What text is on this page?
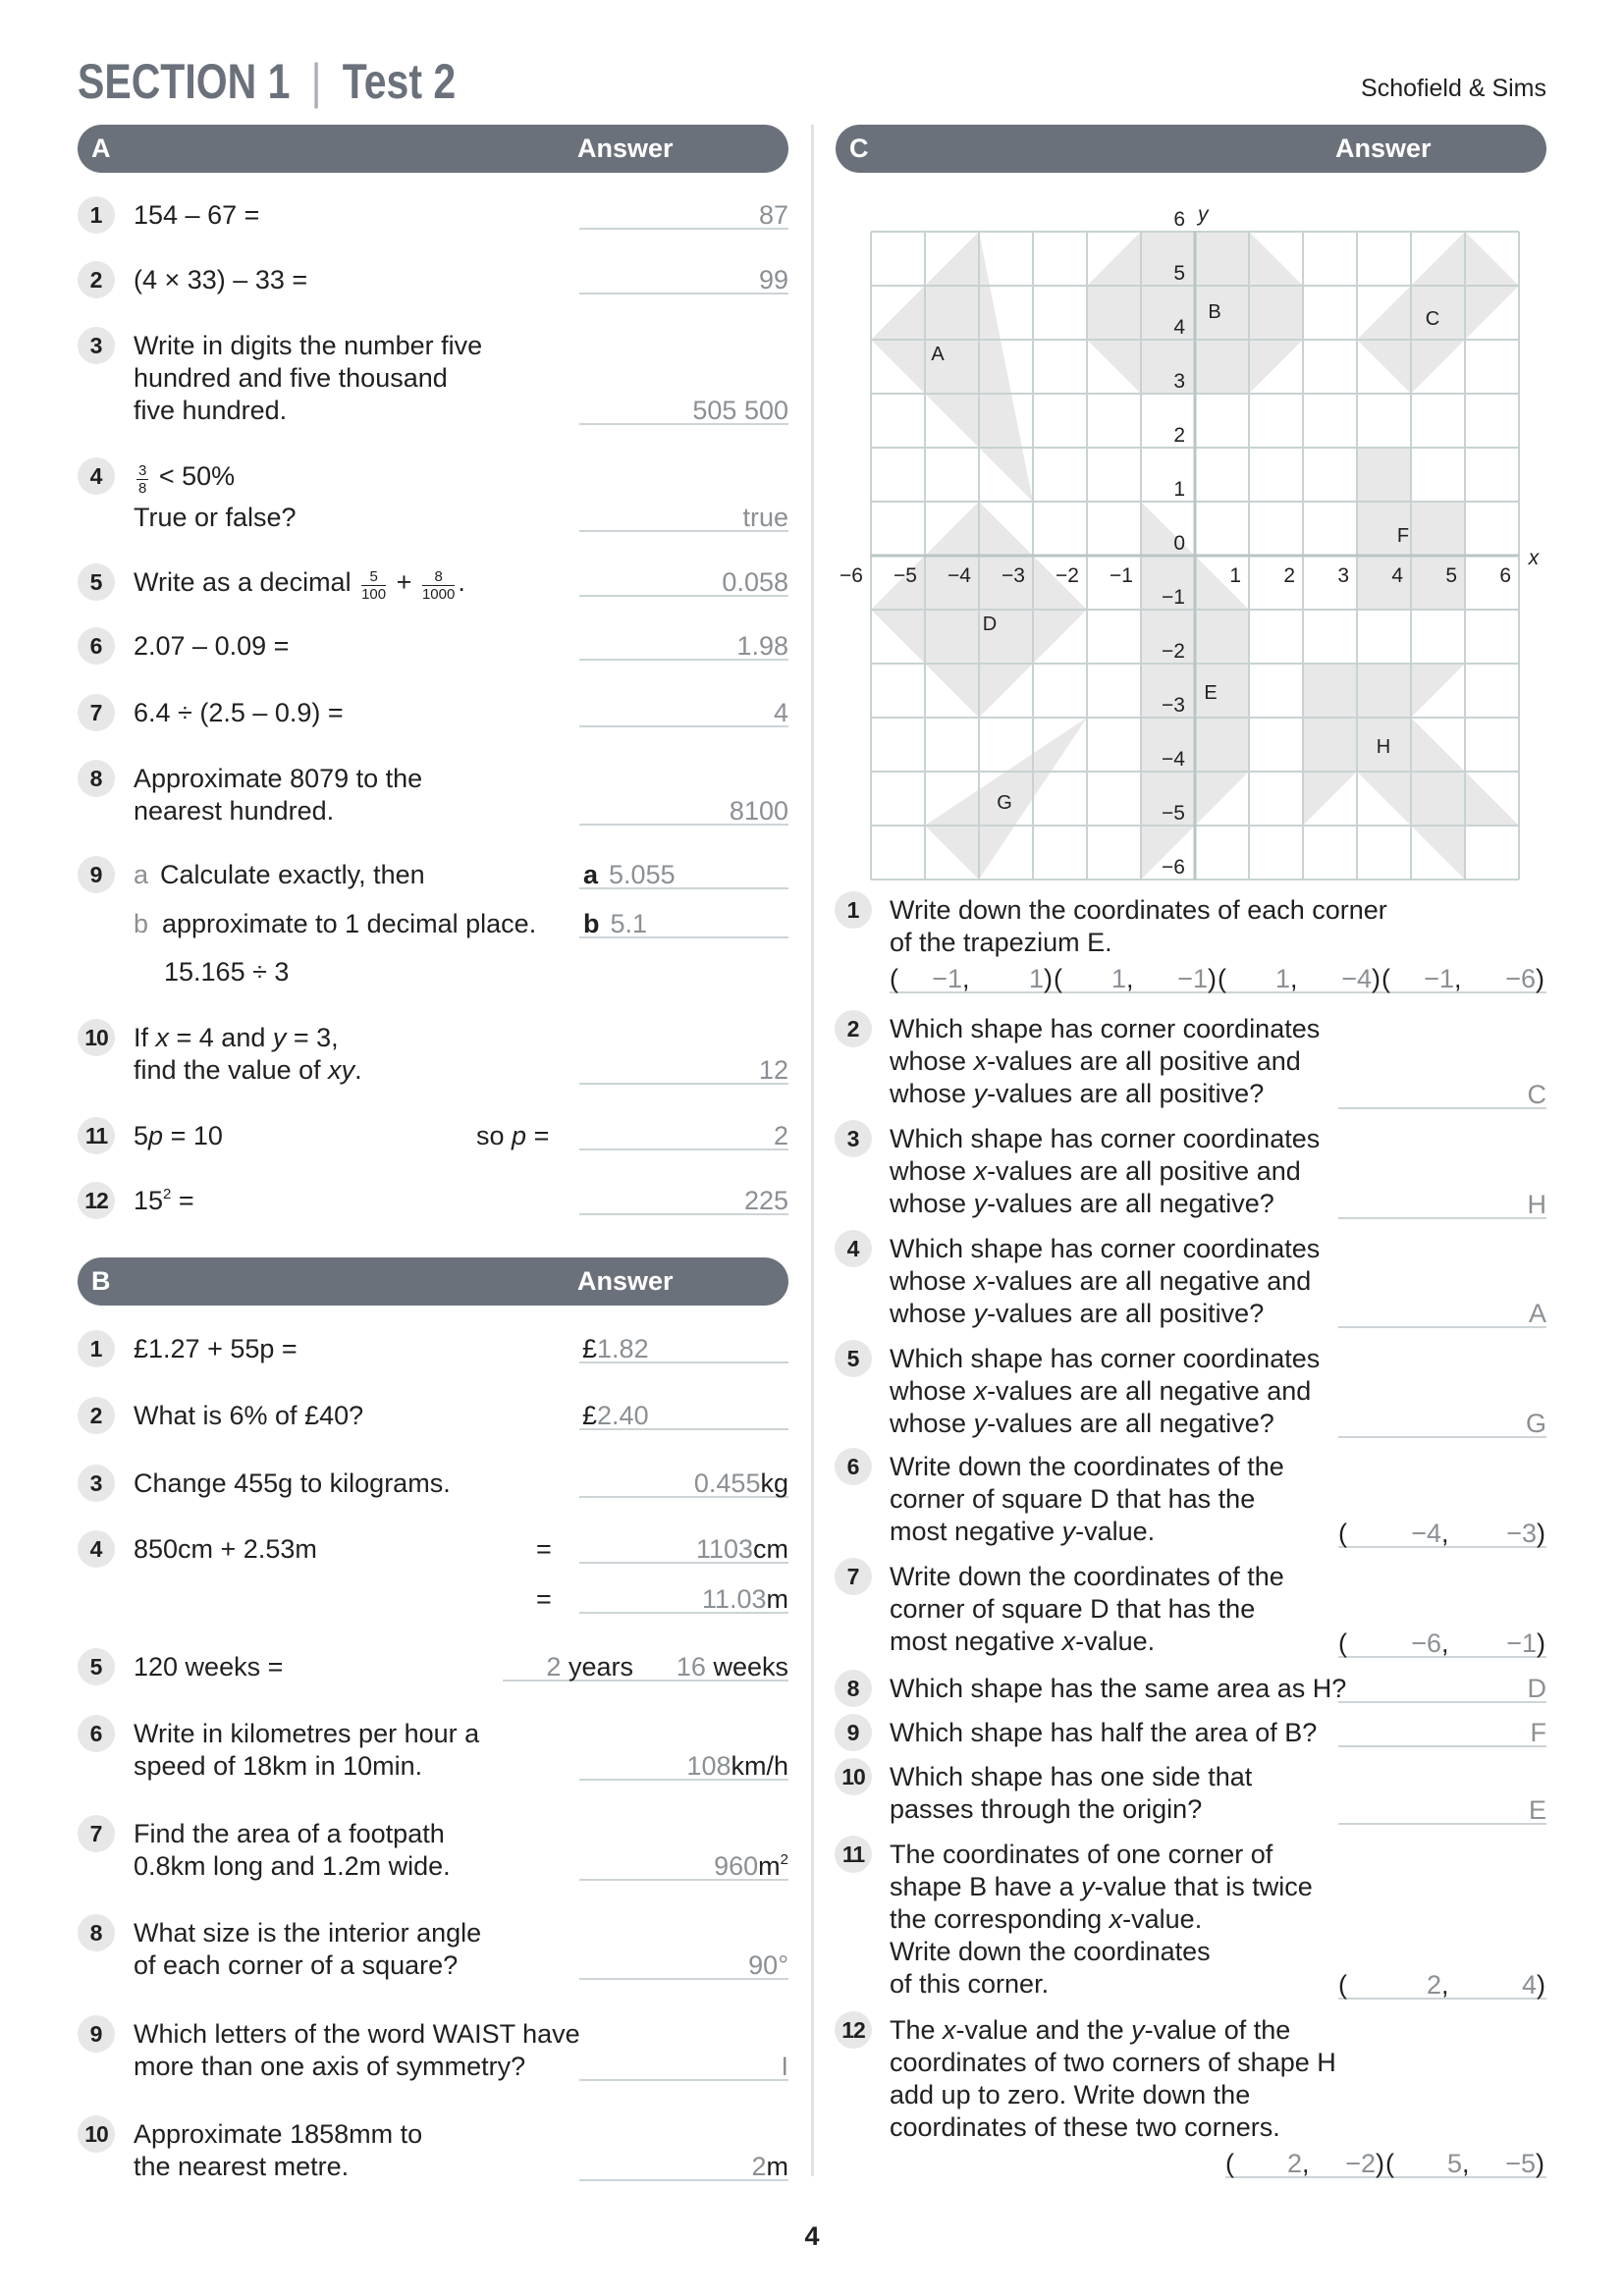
SECTION 1 | Test 2	Schofield & Sims
A	Answer
1	154 – 67 =	87
2	(4 × 33) – 33 =	99
3	Write in digits the number five
hundred and five thousand
five hundred.	505 500
4	$\frac{3}{8} < 50\%$
True or false?	true
5	Write as a decimal $\frac{5}{100} + \frac{8}{1000}$ .	0.058
6	2.07 – 0.09 =	1.98
7	6.4 ÷ (2.5 – 0.9) =	4
8	Approximate 8079 to the
nearest hundred.	8100
9	a Calculate exactly, then
b approximate to 1 decimal place.
15.165 ÷ 3
a 5.055
b 5.1
10 If x = 4 and y = 3,
find the value of xy.	12
11 5p = 10	so p =	2
12 $15^2$ =	225
B	Answer
1	£1.27 + 55p =	£1.82
2	What is 6% of £40?	£2.40
3	Change 455g to kilograms.	0.455kg
4	850cm + 2.53m	=	1103cm
=	11.03m
5	120 weeks =	2 years	16 weeks
6	Write in kilometres per hour a
speed of 18km in 10min.	108km/h
7	Find the area of a footpath
0.8km long and 1.2m wide.	$960m^2$
8	What size is the interior angle
of each corner of a square?	90°
9	Which letters of the word WAIST have
more than one axis of symmetry?	I
10 Approximate 1858mm to
the nearest metre.	2m
C	Answer
−6 −5 −4 −3 −2 −1	1 2 3 4 5 6
6
5
4
3
2
1
0
−1
−2
−3
−4
−5
−6
y
x
A
B	C
D
E
F
G
H
1	Write down the coordinates of each corner
of the trapezium E.
(	−1 ,	1 ) (	1 ,	−1 ) (	1 ,	−4 ) (	−1 ,	−6 )
2	Which shape has corner coordinates
whose x-values are all positive and
whose y-values are all positive?	C
3	Which shape has corner coordinates
whose x-values are all positive and
whose y-values are all negative?	H
4	Which shape has corner coordinates
whose x-values are all negative and
whose y-values are all positive?	A
5	Which shape has corner coordinates
whose x-values are all negative and
whose y-values are all negative?	G
6	Write down the coordinates of the
corner of square D that has the
most negative y-value.	(	−4 ,	−3 )
7	Write down the coordinates of the
corner of square D that has the
most negative x-value.	(	−6 ,	−1 )
8	Which shape has the same area as H?	D
9	Which shape has half the area of B?	F
10 Which shape has one side that
passes through the origin?	E
11 The coordinates of one corner of
shape B have a y-value that is twice
the corresponding x-value.
Write down the coordinates
of this corner.	(	2 ,	4 )
12 The x-value and the y-value of the
coordinates of two corners of shape H
add up to zero. Write down the
coordinates of these two corners.
(	2 ,	−2 ) (	5 ,	−5 )
4
